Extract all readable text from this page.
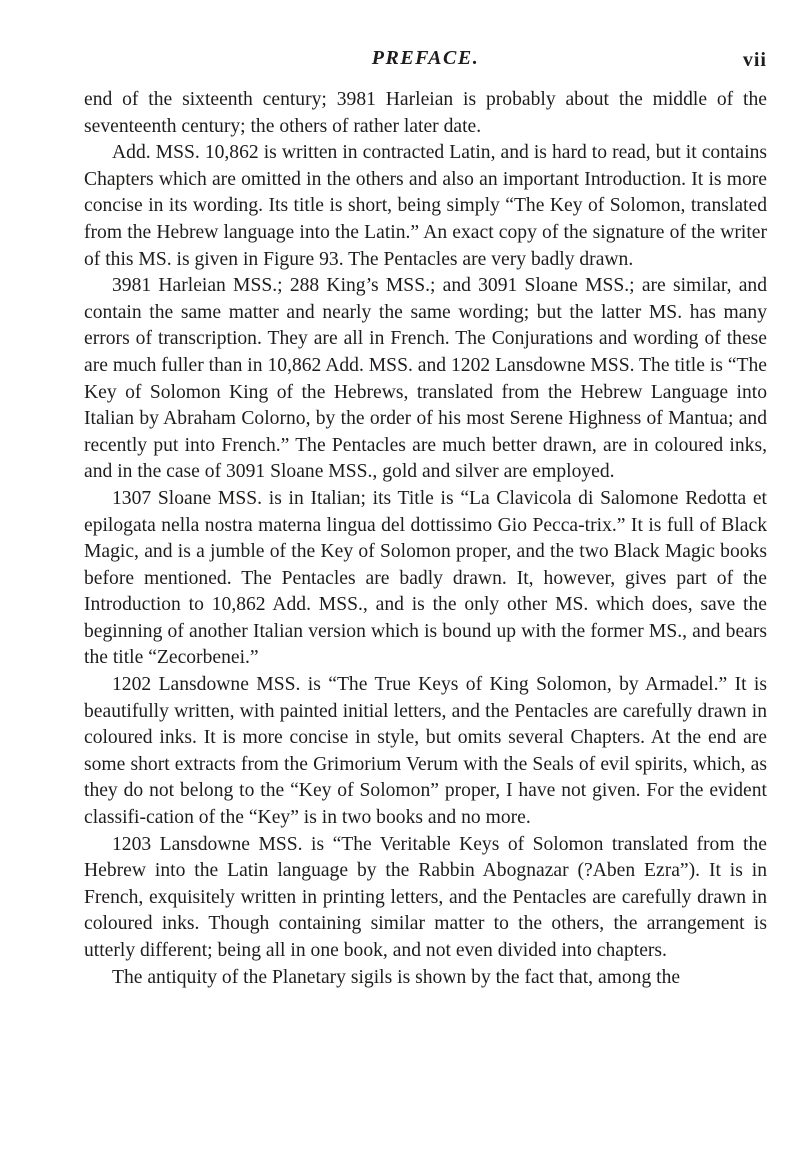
PREFACE.	vii

end of the sixteenth century; 3981 Harleian is probably about the middle of the seventeenth century; the others of rather later date.

Add. MSS. 10,862 is written in contracted Latin, and is hard to read, but it contains Chapters which are omitted in the others and also an important Introduction. It is more concise in its wording. Its title is short, being simply “The Key of Solomon, translated from the Hebrew language into the Latin.” An exact copy of the signature of the writer of this MS. is given in Figure 93. The Pentacles are very badly drawn.

3981 Harleian MSS.; 288 King’s MSS.; and 3091 Sloane MSS.; are similar, and contain the same matter and nearly the same wording; but the latter MS. has many errors of transcription. They are all in French. The Conjurations and wording of these are much fuller than in 10,862 Add. MSS. and 1202 Lansdowne MSS. The title is “The Key of Solomon King of the Hebrews, translated from the Hebrew Language into Italian by Abraham Colorno, by the order of his most Serene Highness of Mantua; and recently put into French.” The Pentacles are much better drawn, are in coloured inks, and in the case of 3091 Sloane MSS., gold and silver are employed.

1307 Sloane MSS. is in Italian; its Title is “La Clavicola di Salomone Redotta et epilogata nella nostra materna lingua del dottissimo Gio Pecca-trix.” It is full of Black Magic, and is a jumble of the Key of Solomon proper, and the two Black Magic books before mentioned. The Pentacles are badly drawn. It, however, gives part of the Introduction to 10,862 Add. MSS., and is the only other MS. which does, save the beginning of another Italian version which is bound up with the former MS., and bears the title “Zecorbenei.”

1202 Lansdowne MSS. is “The True Keys of King Solomon, by Armadel.” It is beautifully written, with painted initial letters, and the Pentacles are carefully drawn in coloured inks. It is more concise in style, but omits several Chapters. At the end are some short extracts from the Grimorium Verum with the Seals of evil spirits, which, as they do not belong to the “Key of Solomon” proper, I have not given. For the evident classifi-cation of the “Key” is in two books and no more.

1203 Lansdowne MSS. is “The Veritable Keys of Solomon translated from the Hebrew into the Latin language by the Rabbin Abognazar (?Aben Ezra”). It is in French, exquisitely written in printing letters, and the Pentacles are carefully drawn in coloured inks. Though containing similar matter to the others, the arrangement is utterly different; being all in one book, and not even divided into chapters.

The antiquity of the Planetary sigils is shown by the fact that, among the
